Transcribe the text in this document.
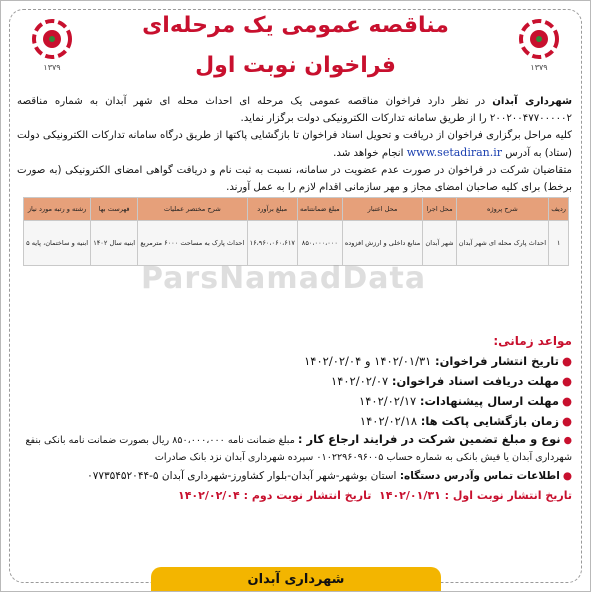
۱۳۷۹	۱۳۷۹
مناقصه عمومی یک مرحله‌ای
فراخوان نوبت اول

شهرداری آبدان در نظر دارد فراخوان مناقصه عمومی یک مرحله ای احداث محله ای شهر آبدان به شماره مناقصه ۲۰۰۲۰۰۴۷۷۰۰۰۰۰۲ را از طریق سامانه تدارکات الکترونیکی دولت برگزار نماید.

کلیه مراحل برگزاری فراخوان از دریافت و تحویل اسناد فراخوان تا بازگشایی پاکتها از طریق درگاه سامانه تدارکات الکترونیکی دولت (ستاد) به آدرس www.setadiran.ir انجام خواهد شد.

متقاضیان شرکت در فراخوان در صورت عدم عضویت در سامانه، نسبت به ثبت نام و دریافت گواهی امضای الکترونیکی (به صورت برخط) برای کلیه صاحبان امضای مجاز و مهر سازمانی اقدام لازم را به عمل آورند.

ردیف	شرح پروژه	محل اجرا	محل اعتبار	مبلغ ضمانتنامه	مبلغ برآورد	شرح مختصر عملیات	فهرست بها	رشته و رتبه مورد نیاز
۱	احداث پارک محله ای شهر آبدان	شهر آبدان	منابع داخلی و ارزش افزوده	۸۵۰،۰۰۰،۰۰۰	۱۶،۹۶۰،۰۶۰،۶۱۷	احداث پارک به مساحت ۶۰۰۰ مترمربع	ابنیه سال ۱۴۰۲	ابنیه و ساختمان، پایه ۵
ParsNamadData
مواعد زمانی:
●تاریخ انتشار فراخوان: ۱۴۰۲/۰۱/۳۱ و ۱۴۰۲/۰۲/۰۴
●مهلت دریافت اسناد فراخوان: ۱۴۰۲/۰۲/۰۷
●مهلت ارسال پیشنهادات: ۱۴۰۲/۰۲/۱۷
●زمان بازگشایی پاکت ها: ۱۴۰۲/۰۲/۱۸
●نوع و مبلغ تضمین شرکت در فرایند ارجاع کار : مبلغ ضمانت نامه ۸۵۰،۰۰۰،۰۰۰ ریال بصورت ضمانت نامه بانکی بنفع شهرداری آبدان یا فیش بانکی به شماره حساب ۰۱۰۲۲۹۶۰۹۶۰۰۵ سپرده شهرداری آبدان نزد بانک صادرات
●اطلاعات تماس وآدرس دستگاه: استان بوشهر-شهر آبدان-بلوار کشاورز-شهرداری آبدان ۵-۰۷۷۳۵۴۵۲۰۴۴
تاریخ انتشار نوبت اول : ۱۴۰۲/۰۱/۳۱  تاریخ انتشار نوبت دوم : ۱۴۰۲/۰۲/۰۴
شهرداری آبدان
